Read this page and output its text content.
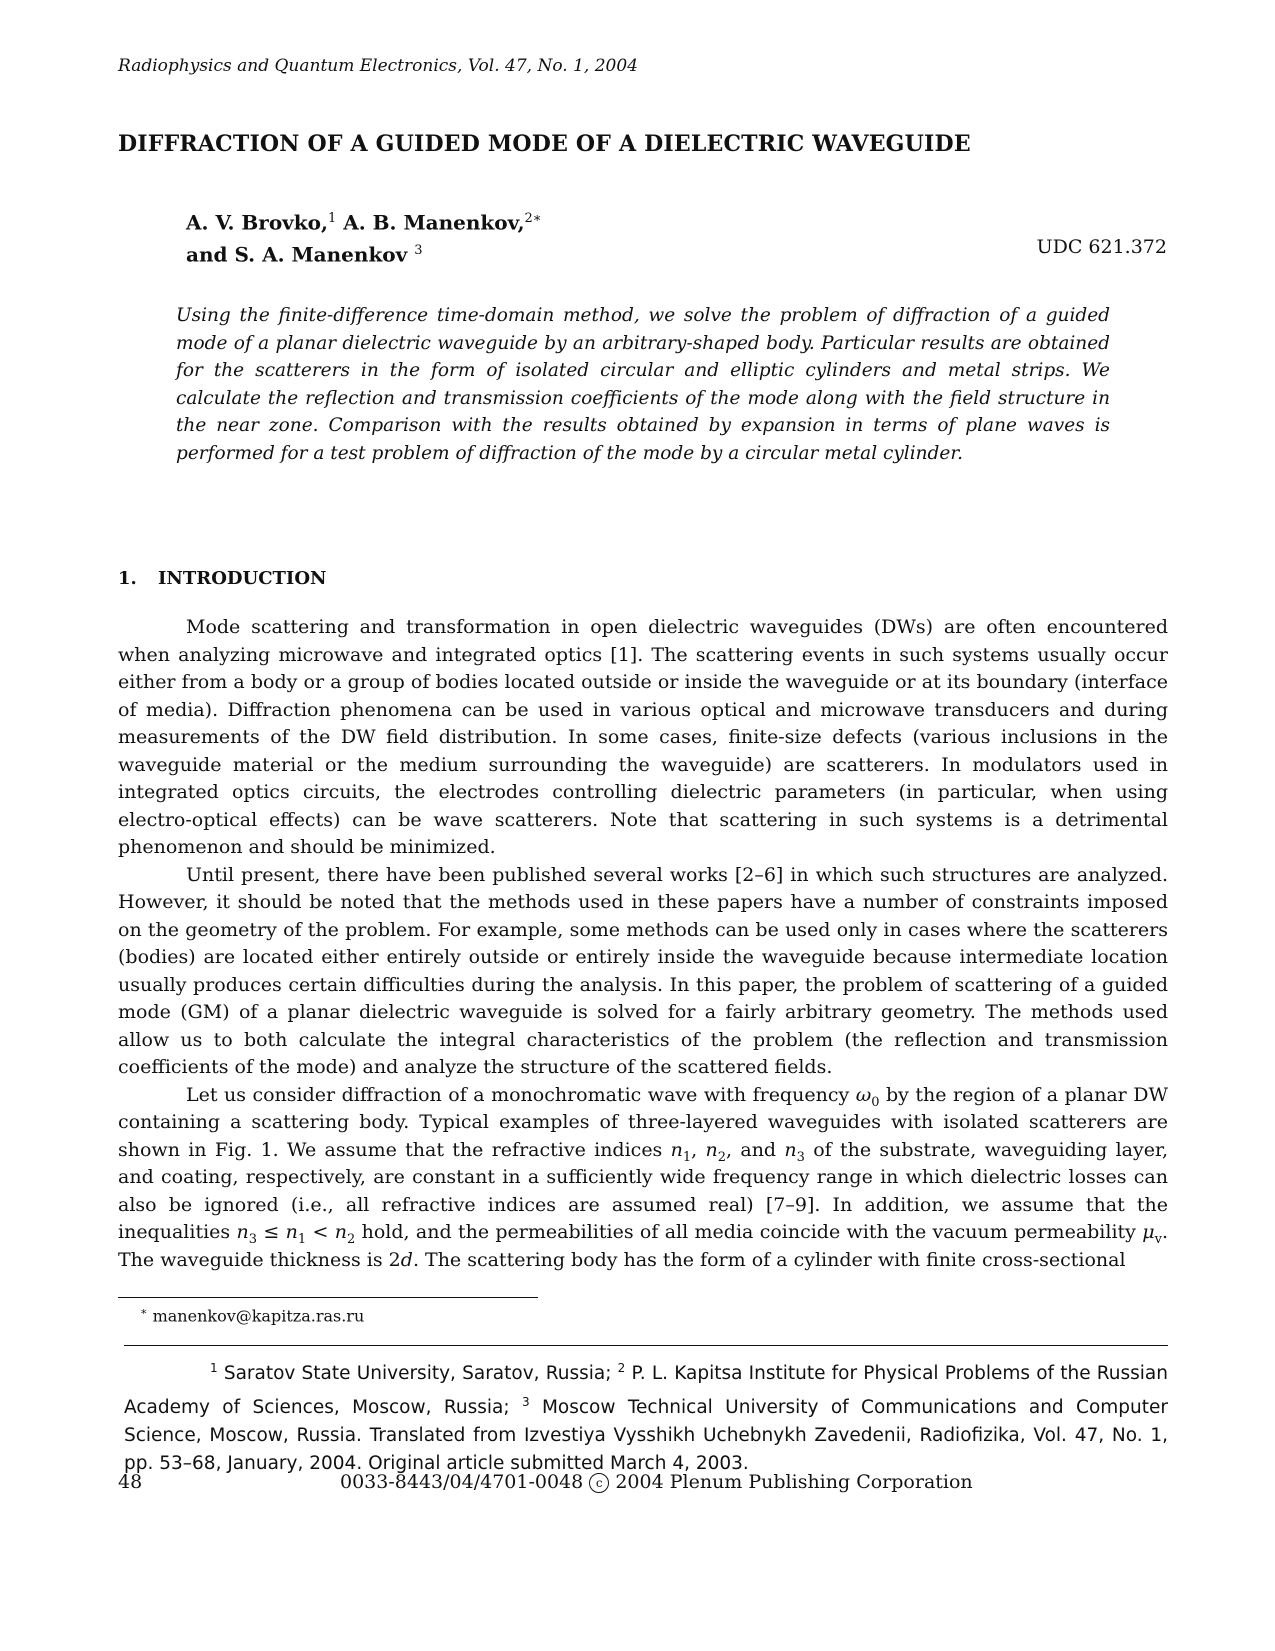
Radiophysics and Quantum Electronics, Vol. 47, No. 1, 2004
DIFFRACTION OF A GUIDED MODE OF A DIELECTRIC WAVEGUIDE
A. V. Brovko,$^1$ A. B. Manenkov,$^{2∗}$
and S. A. Manenkov $^3$	UDC 621.372
Using the finite-difference time-domain method, we solve the problem of diffraction of a guided mode of a planar dielectric waveguide by an arbitrary-shaped body. Particular results are obtained for the scatterers in the form of isolated circular and elliptic cylinders and metal strips. We calculate the reflection and transmission coefficients of the mode along with the field structure in the near zone. Comparison with the results obtained by expansion in terms of plane waves is performed for a test problem of diffraction of the mode by a circular metal cylinder.
1. INTRODUCTION

Mode scattering and transformation in open dielectric waveguides (DWs) are often encountered when analyzing microwave and integrated optics [1]. The scattering events in such systems usually occur either from a body or a group of bodies located outside or inside the waveguide or at its boundary (interface of media). Diffraction phenomena can be used in various optical and microwave transducers and during measurements of the DW field distribution. In some cases, finite-size defects (various inclusions in the waveguide material or the medium surrounding the waveguide) are scatterers. In modulators used in integrated optics circuits, the electrodes controlling dielectric parameters (in particular, when using electro-optical effects) can be wave scatterers. Note that scattering in such systems is a detrimental phenomenon and should be minimized.

Until present, there have been published several works [2–6] in which such structures are analyzed. However, it should be noted that the methods used in these papers have a number of constraints imposed on the geometry of the problem. For example, some methods can be used only in cases where the scatterers (bodies) are located either entirely outside or entirely inside the waveguide because intermediate location usually produces certain difficulties during the analysis. In this paper, the problem of scattering of a guided mode (GM) of a planar dielectric waveguide is solved for a fairly arbitrary geometry. The methods used allow us to both calculate the integral characteristics of the problem (the reflection and transmission coefficients of the mode) and analyze the structure of the scattered fields.

Let us consider diffraction of a monochromatic wave with frequency $\omega_0$ by the region of a planar DW containing a scattering body. Typical examples of three-layered waveguides with isolated scatterers are shown in Fig. 1. We assume that the refractive indices $n_1$, $n_2$, and $n_3$ of the substrate, waveguiding layer, and coating, respectively, are constant in a sufficiently wide frequency range in which dielectric losses can also be ignored (i.e., all refractive indices are assumed real) [7–9]. In addition, we assume that the inequalities $n_3 \le n_1 < n_2$ hold, and the permeabilities of all media coincide with the vacuum permeability $\mu_v$. The waveguide thickness is 2d. The scattering body has the form of a cylinder with finite cross-sectional

∗ manenkov@kapitza.ras.ru

$^1$ Saratov State University, Saratov, Russia; $^2$ P. L. Kapitsa Institute for Physical Problems of the Russian Academy of Sciences, Moscow, Russia; $^3$ Moscow Technical University of Communications and Computer Science, Moscow, Russia. Translated from Izvestiya Vysshikh Uchebnykh Zavedenii, Radiofizika, Vol. 47, No. 1, pp. 53–68, January, 2004. Original article submitted March 4, 2003.

48	0033-8443/04/4701-0048 c 2004 Plenum Publishing Corporation
